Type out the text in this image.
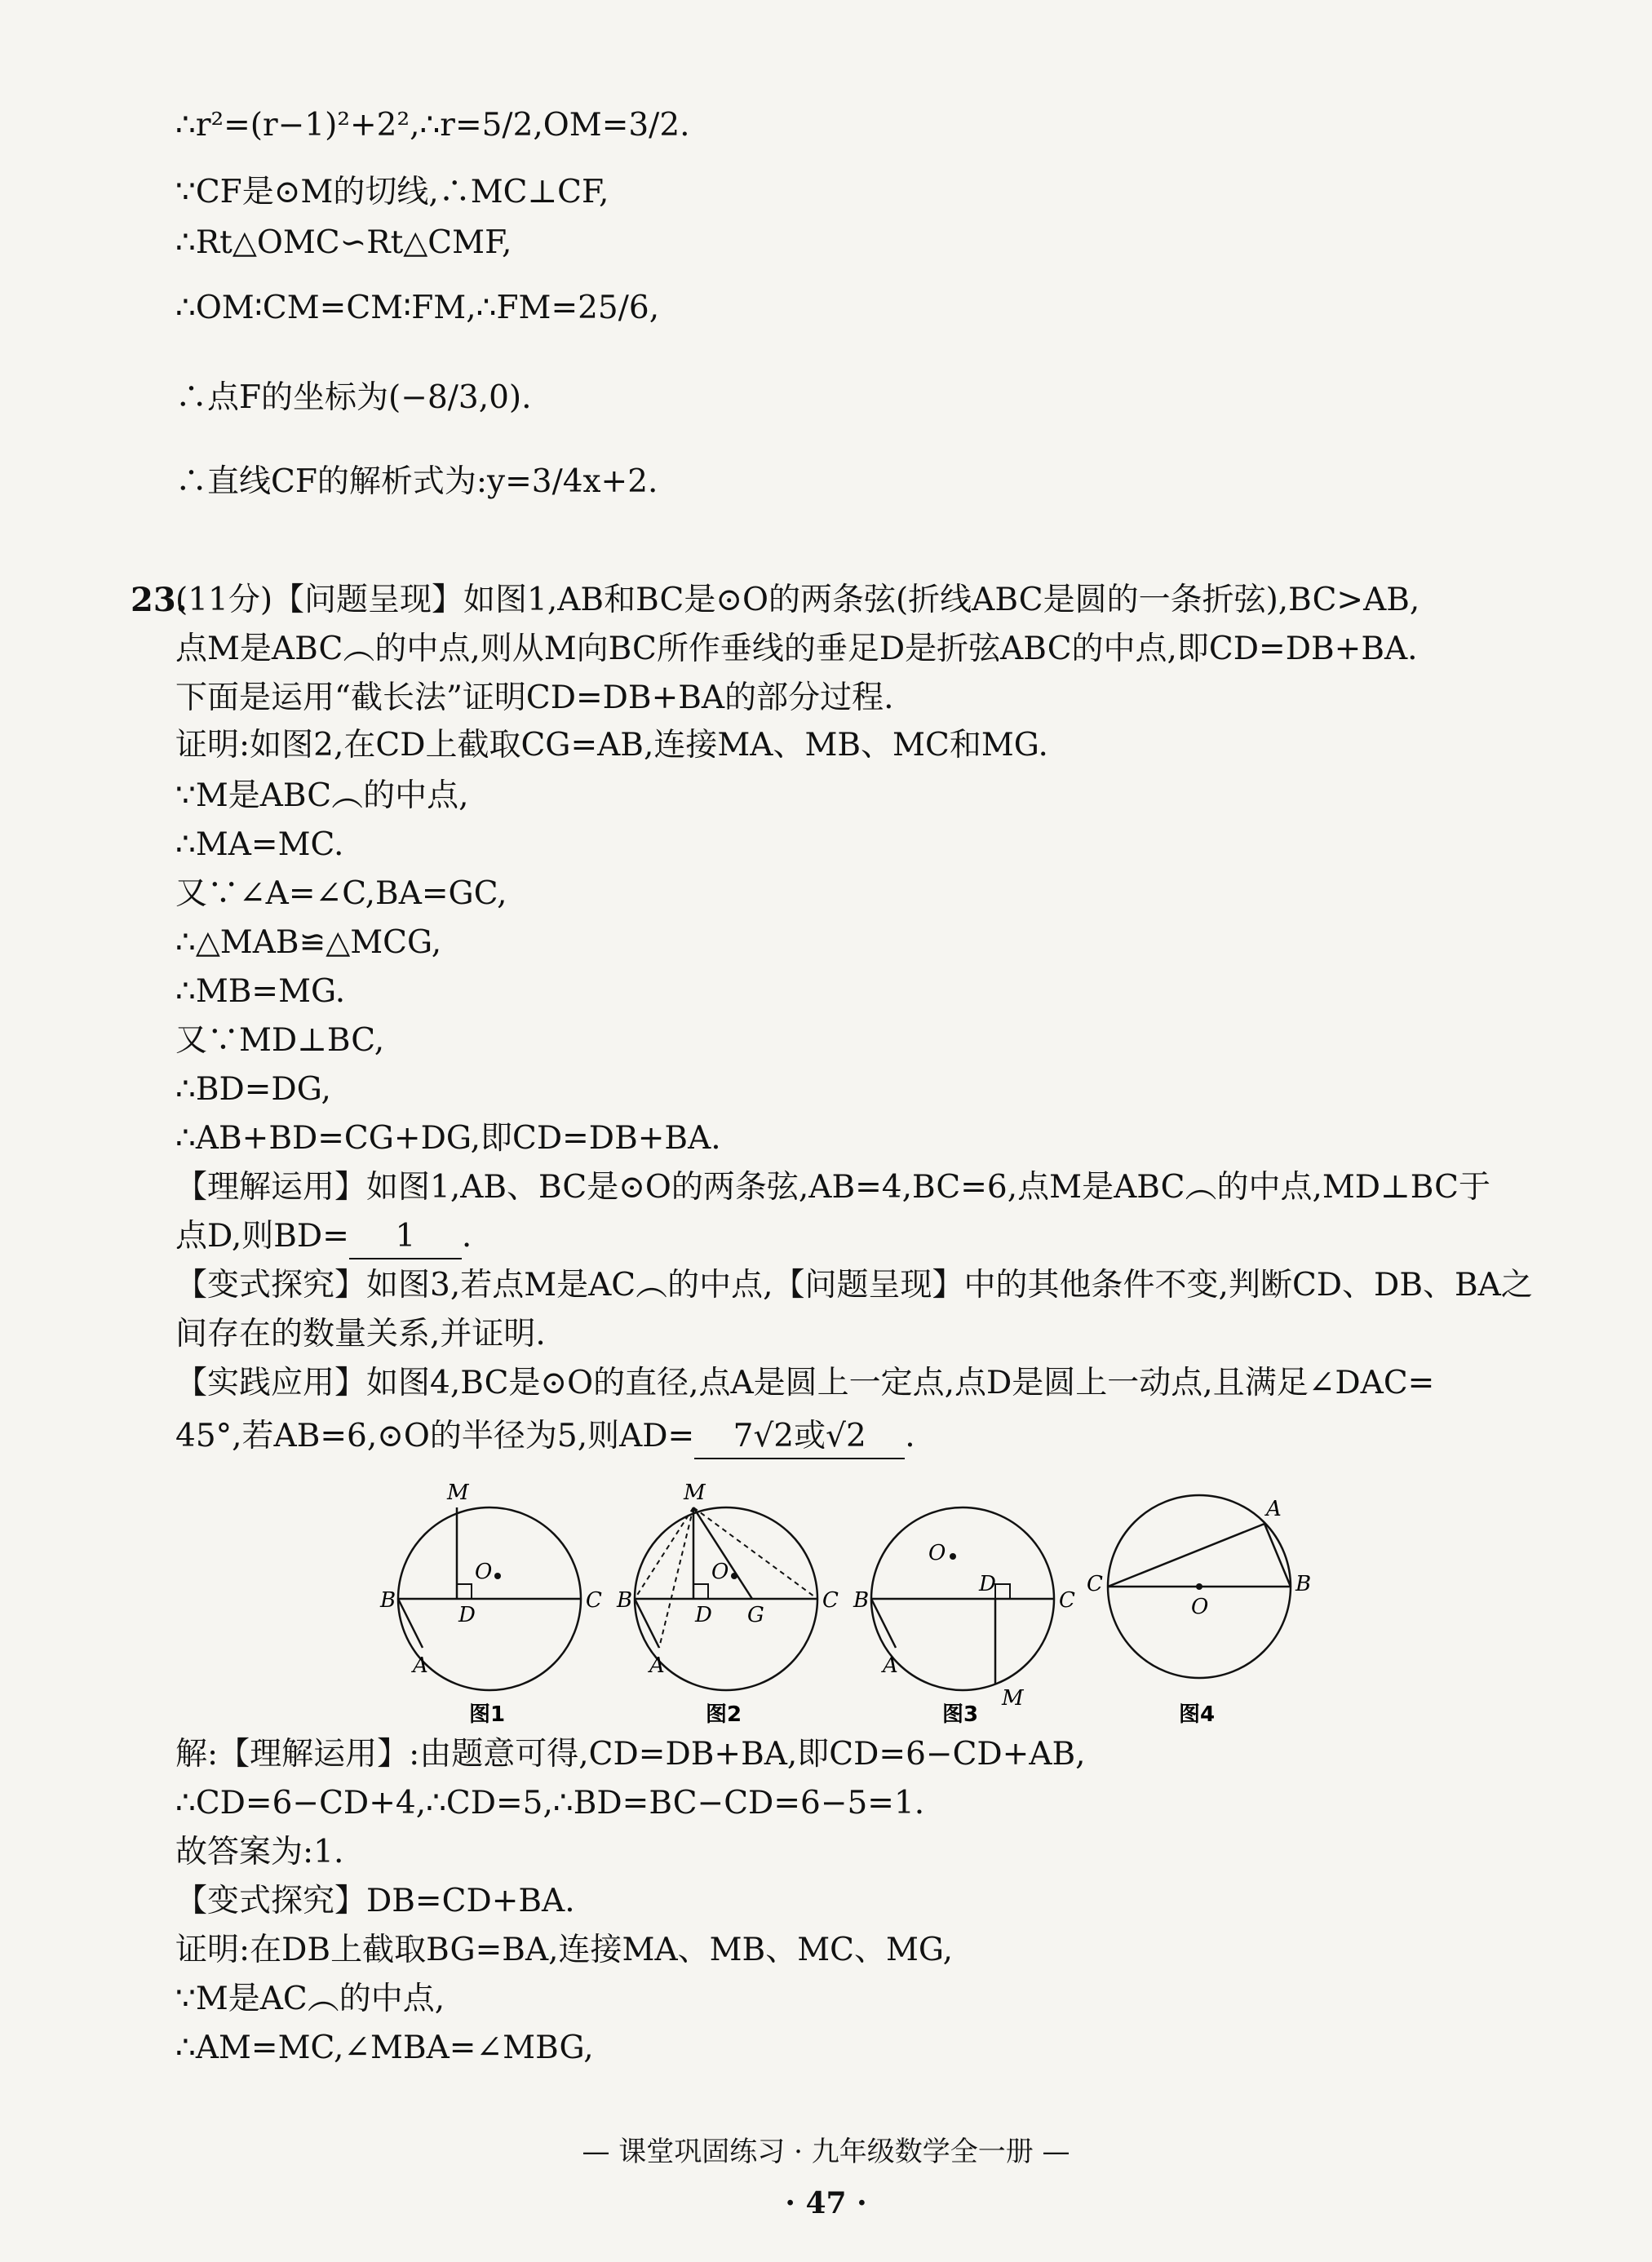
∴r²=(r−1)²+2²,∴r=5/2,OM=3/2.
∵CF是⊙M的切线,∴MC⊥CF,
∴Rt△OMC∽Rt△CMF,
∴OM∶CM=CM∶FM,∴FM=25/6,
∴点F的坐标为(−8/3,0).
∴直线CF的解析式为:y=3/4x+2.
23.
(11分)【问题呈现】如图1,AB和BC是⊙O的两条弦(折线ABC是圆的一条折弦),BC>AB,
点M是ABC︵的中点,则从M向BC所作垂线的垂足D是折弦ABC的中点,即CD=DB+BA.
下面是运用“截长法”证明CD=DB+BA的部分过程.
证明:如图2,在CD上截取CG=AB,连接MA、MB、MC和MG.
∵M是ABC︵的中点,
∴MA=MC.
又∵∠A=∠C,BA=GC,
∴△MAB≌△MCG,
∴MB=MG.
又∵MD⊥BC,
∴BD=DG,
∴AB+BD=CG+DG,即CD=DB+BA.
【理解运用】如图1,AB、BC是⊙O的两条弦,AB=4,BC=6,点M是ABC︵的中点,MD⊥BC于
点D,则BD= 1 .
【变式探究】如图3,若点M是AC︵的中点,【问题呈现】中的其他条件不变,判断CD、DB、BA之
间存在的数量关系,并证明.
【实践应用】如图4,BC是⊙O的直径,点A是圆上一定点,点D是圆上一动点,且满足∠DAC=
45°,若AB=6,⊙O的半径为5,则AD= 7√2或√2 .
M
O
B
D
C
A
图1
M
O
B
D G
C
A
图2
O
B
D
C
A
M
图3
A
C
O
B
图4
解:【理解运用】:由题意可得,CD=DB+BA,即CD=6−CD+AB,
∴CD=6−CD+4,∴CD=5,∴BD=BC−CD=6−5=1.
故答案为:1.
【变式探究】DB=CD+BA.
证明:在DB上截取BG=BA,连接MA、MB、MC、MG,
∵M是AC︵的中点,
∴AM=MC,∠MBA=∠MBG,
— 课堂巩固练习 · 九年级数学全一册 —
· 47 ·
